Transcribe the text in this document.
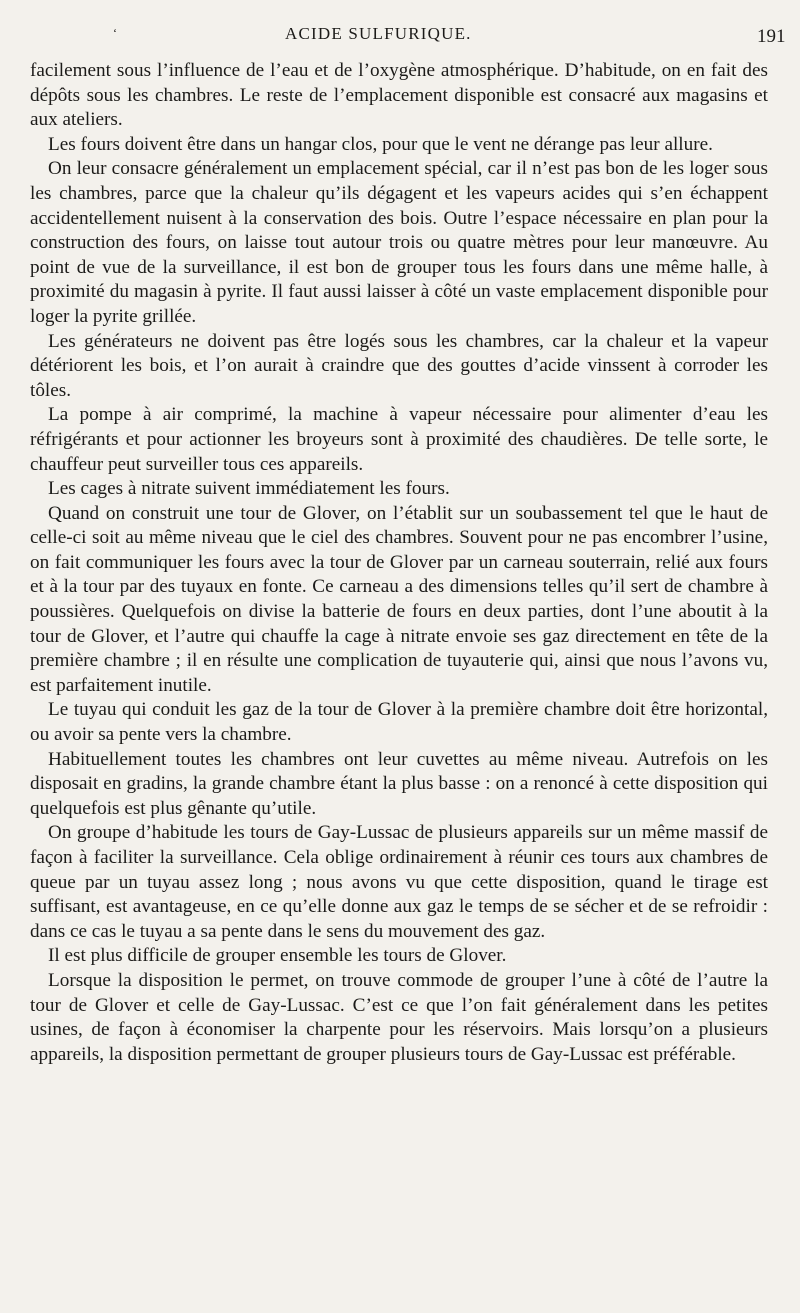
‘	ACIDE SULFURIQUE.	191

facilement sous l’influence de l’eau et de l’oxygène atmosphérique. D’habitude, on en fait des dépôts sous les chambres. Le reste de l’emplacement disponible est consacré aux magasins et aux ateliers.

Les fours doivent être dans un hangar clos, pour que le vent ne dérange pas leur allure.

On leur consacre généralement un emplacement spécial, car il n’est pas bon de les loger sous les chambres, parce que la chaleur qu’ils dégagent et les vapeurs acides qui s’en échappent accidentellement nuisent à la conservation des bois. Outre l’espace nécessaire en plan pour la construction des fours, on laisse tout autour trois ou quatre mètres pour leur manœuvre. Au point de vue de la surveillance, il est bon de grouper tous les fours dans une même halle, à proximité du magasin à pyrite. Il faut aussi laisser à côté un vaste emplacement disponible pour loger la pyrite grillée.

Les générateurs ne doivent pas être logés sous les chambres, car la chaleur et la vapeur détériorent les bois, et l’on aurait à craindre que des gouttes d’acide vinssent à corroder les tôles.

La pompe à air comprimé, la machine à vapeur nécessaire pour alimenter d’eau les réfrigérants et pour actionner les broyeurs sont à proximité des chaudières. De telle sorte, le chauffeur peut surveiller tous ces appareils.

Les cages à nitrate suivent immédiatement les fours.

Quand on construit une tour de Glover, on l’établit sur un soubassement tel que le haut de celle-ci soit au même niveau que le ciel des chambres. Souvent pour ne pas encombrer l’usine, on fait communiquer les fours avec la tour de Glover par un carneau souterrain, relié aux fours et à la tour par des tuyaux en fonte. Ce carneau a des dimensions telles qu’il sert de chambre à poussières. Quelquefois on divise la batterie de fours en deux parties, dont l’une aboutit à la tour de Glover, et l’autre qui chauffe la cage à nitrate envoie ses gaz directement en tête de la première chambre ; il en résulte une complication de tuyauterie qui, ainsi que nous l’avons vu, est parfaitement inutile.

Le tuyau qui conduit les gaz de la tour de Glover à la première chambre doit être horizontal, ou avoir sa pente vers la chambre.

Habituellement toutes les chambres ont leur cuvettes au même niveau. Autrefois on les disposait en gradins, la grande chambre étant la plus basse : on a renoncé à cette disposition qui quelquefois est plus gênante qu’utile.

On groupe d’habitude les tours de Gay-Lussac de plusieurs appareils sur un même massif de façon à faciliter la surveillance. Cela oblige ordinairement à réunir ces tours aux chambres de queue par un tuyau assez long ; nous avons vu que cette disposition, quand le tirage est suffisant, est avantageuse, en ce qu’elle donne aux gaz le temps de se sécher et de se refroidir : dans ce cas le tuyau a sa pente dans le sens du mouvement des gaz.

Il est plus difficile de grouper ensemble les tours de Glover.

Lorsque la disposition le permet, on trouve commode de grouper l’une à côté de l’autre la tour de Glover et celle de Gay-Lussac. C’est ce que l’on fait généralement dans les petites usines, de façon à économiser la charpente pour les réservoirs. Mais lorsqu’on a plusieurs appareils, la disposition permettant de grouper plusieurs tours de Gay-Lussac est préférable.
